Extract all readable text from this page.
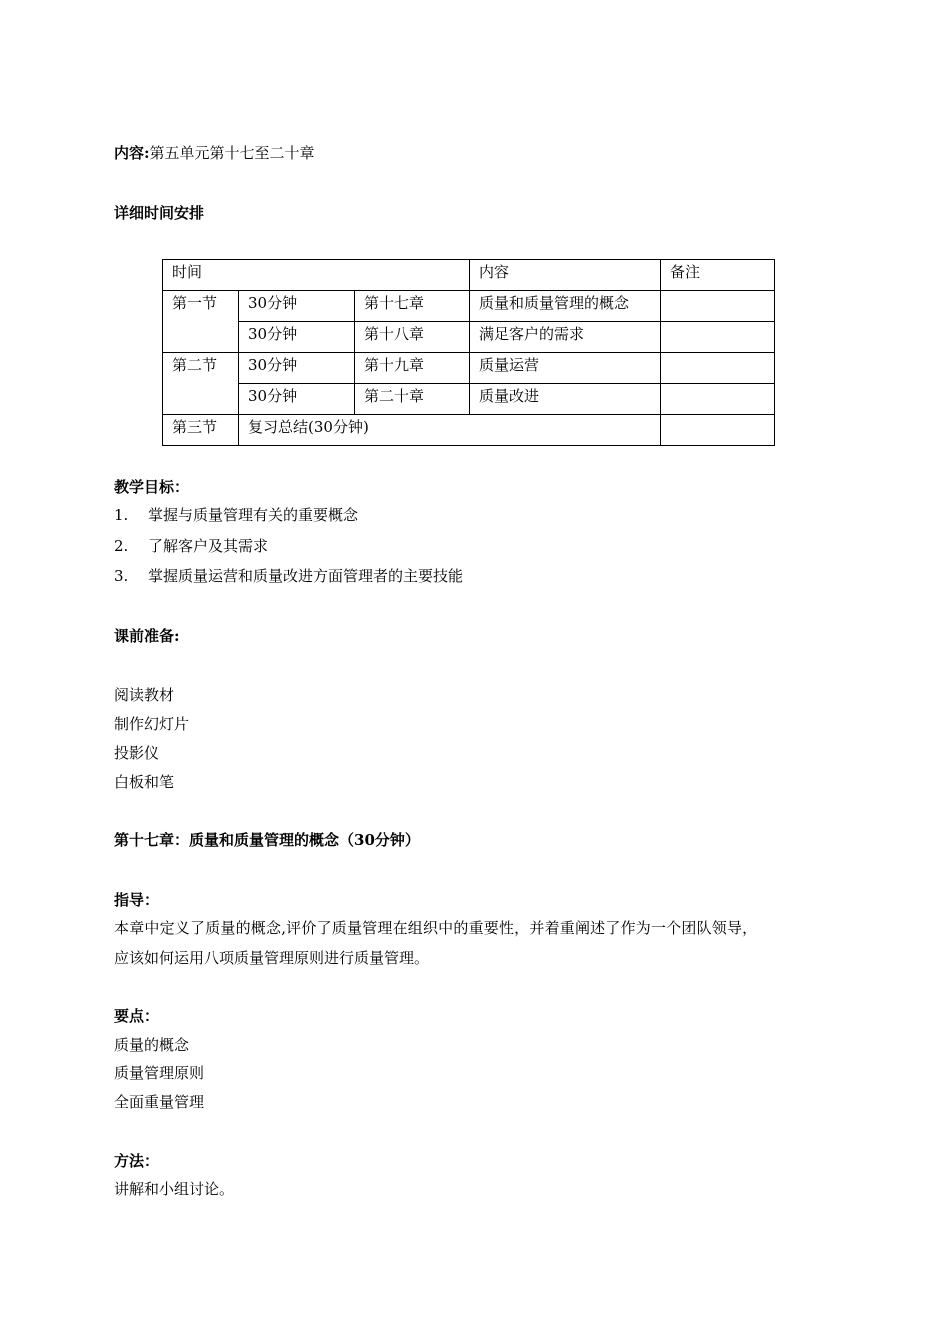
内容:第五单元第十七至二十章
详细时间安排
时间			内容	备注
第一节	30分钟	第十七章	质量和质量管理的概念	
	30分钟	第十八章	满足客户的需求	
第二节	30分钟	第十九章	质量运营	
	30分钟	第二十章	质量改进	
第三节	复习总结(30分钟)			
教学目标：
1. 掌握与质量管理有关的重要概念
2. 了解客户及其需求
3. 掌握质量运营和质量改进方面管理者的主要技能
课前准备:
阅读教材
制作幻灯片
投影仪
白板和笔
第十七章：质量和质量管理的概念（30分钟）
指导：
本章中定义了质量的概念,评价了质量管理在组织中的重要性，并着重阐述了作为一个团队领导，
应该如何运用八项质量管理原则进行质量管理。
要点：
质量的概念
质量管理原则
全面重量管理
方法：
讲解和小组讨论。
